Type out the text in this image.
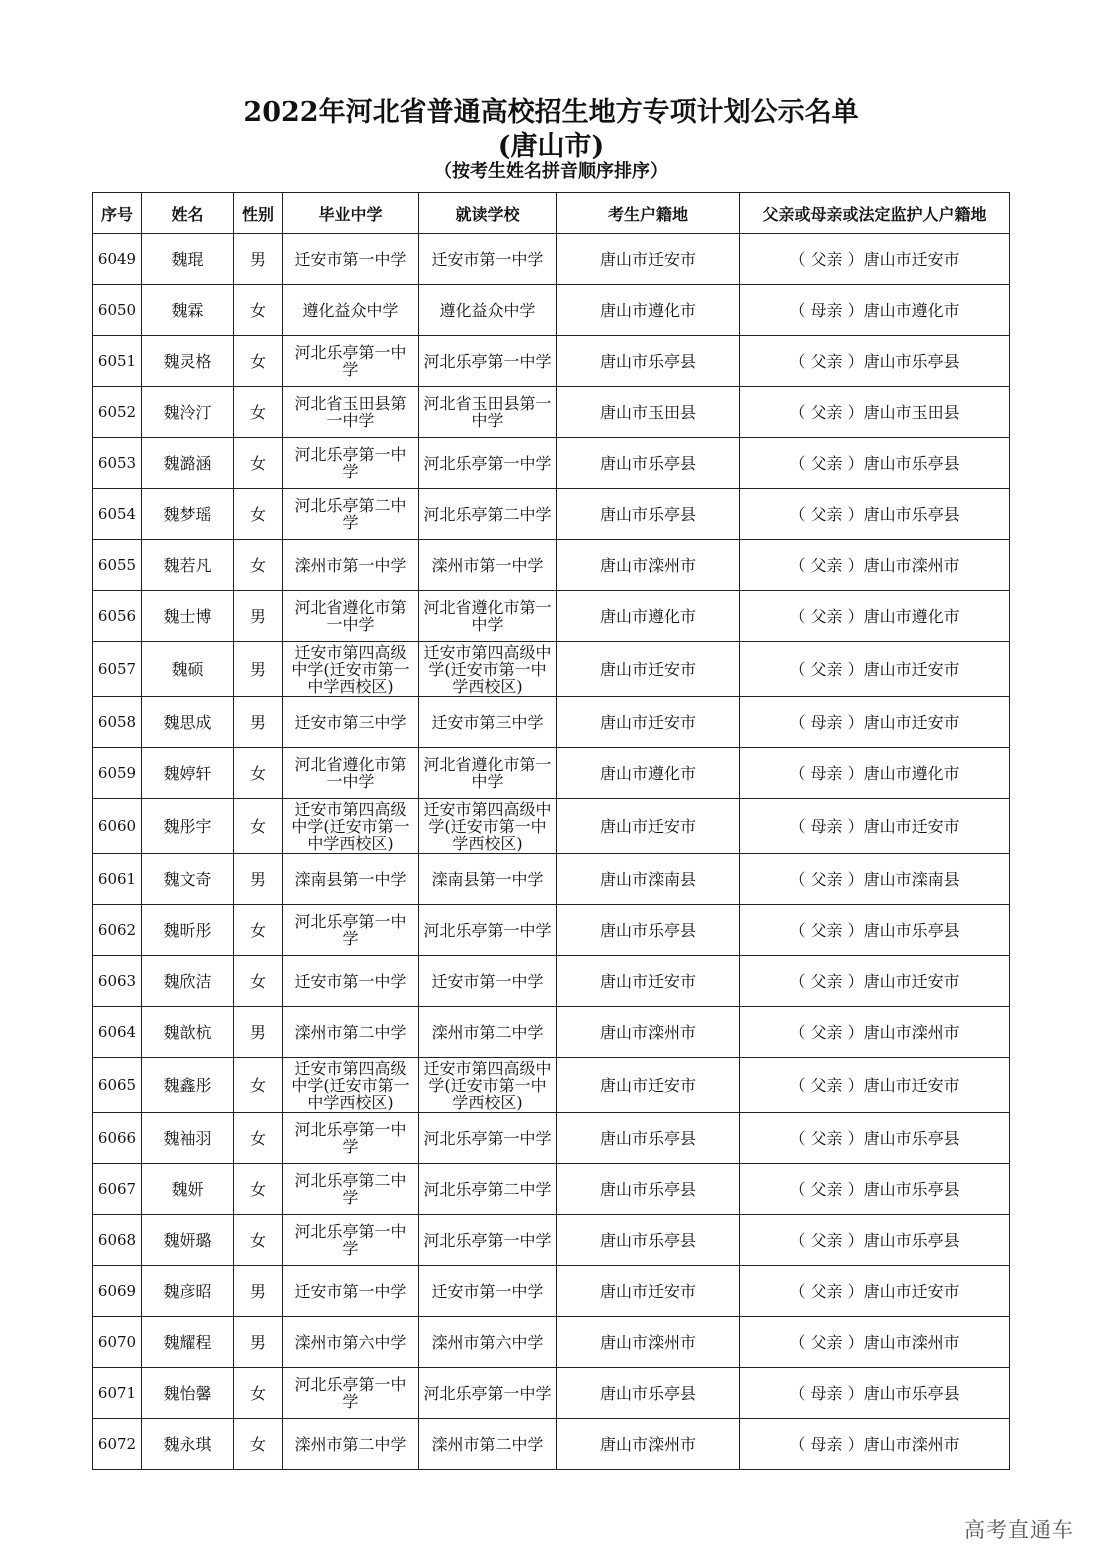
2022年河北省普通高校招生地方专项计划公示名单
(唐山市)
（按考生姓名拼音顺序排序）
序号	姓名	性别	毕业中学	就读学校	考生户籍地	父亲或母亲或法定监护人户籍地
6049	魏琨	男	迁安市第一中学	迁安市第一中学	唐山市迁安市	（ 父亲 ）唐山市迁安市
6050	魏霖	女	遵化益众中学	遵化益众中学	唐山市遵化市	（ 母亲 ）唐山市遵化市
6051	魏灵格	女	河北乐亭第一中学	河北乐亭第一中学	唐山市乐亭县	（ 父亲 ）唐山市乐亭县
6052	魏泠汀	女	河北省玉田县第一中学	河北省玉田县第一中学	唐山市玉田县	（ 父亲 ）唐山市玉田县
6053	魏潞涵	女	河北乐亭第一中学	河北乐亭第一中学	唐山市乐亭县	（ 父亲 ）唐山市乐亭县
6054	魏梦瑶	女	河北乐亭第二中学	河北乐亭第二中学	唐山市乐亭县	（ 父亲 ）唐山市乐亭县
6055	魏若凡	女	滦州市第一中学	滦州市第一中学	唐山市滦州市	（ 父亲 ）唐山市滦州市
6056	魏士博	男	河北省遵化市第一中学	河北省遵化市第一中学	唐山市遵化市	（ 父亲 ）唐山市遵化市
6057	魏硕	男	迁安市第四高级中学(迁安市第一中学西校区)	迁安市第四高级中学(迁安市第一中学西校区)	唐山市迁安市	（ 父亲 ）唐山市迁安市
6058	魏思成	男	迁安市第三中学	迁安市第三中学	唐山市迁安市	（ 母亲 ）唐山市迁安市
6059	魏婷轩	女	河北省遵化市第一中学	河北省遵化市第一中学	唐山市遵化市	（ 母亲 ）唐山市遵化市
6060	魏彤宇	女	迁安市第四高级中学(迁安市第一中学西校区)	迁安市第四高级中学(迁安市第一中学西校区)	唐山市迁安市	（ 母亲 ）唐山市迁安市
6061	魏文奇	男	滦南县第一中学	滦南县第一中学	唐山市滦南县	（ 父亲 ）唐山市滦南县
6062	魏昕彤	女	河北乐亭第一中学	河北乐亭第一中学	唐山市乐亭县	（ 父亲 ）唐山市乐亭县
6063	魏欣洁	女	迁安市第一中学	迁安市第一中学	唐山市迁安市	（ 父亲 ）唐山市迁安市
6064	魏歆杭	男	滦州市第二中学	滦州市第二中学	唐山市滦州市	（ 父亲 ）唐山市滦州市
6065	魏鑫彤	女	迁安市第四高级中学(迁安市第一中学西校区)	迁安市第四高级中学(迁安市第一中学西校区)	唐山市迁安市	（ 父亲 ）唐山市迁安市
6066	魏袖羽	女	河北乐亭第一中学	河北乐亭第一中学	唐山市乐亭县	（ 父亲 ）唐山市乐亭县
6067	魏妍	女	河北乐亭第二中学	河北乐亭第二中学	唐山市乐亭县	（ 父亲 ）唐山市乐亭县
6068	魏妍璐	女	河北乐亭第一中学	河北乐亭第一中学	唐山市乐亭县	（ 父亲 ）唐山市乐亭县
6069	魏彦昭	男	迁安市第一中学	迁安市第一中学	唐山市迁安市	（ 父亲 ）唐山市迁安市
6070	魏耀程	男	滦州市第六中学	滦州市第六中学	唐山市滦州市	（ 父亲 ）唐山市滦州市
6071	魏怡馨	女	河北乐亭第一中学	河北乐亭第一中学	唐山市乐亭县	（ 母亲 ）唐山市乐亭县
6072	魏永琪	女	滦州市第二中学	滦州市第二中学	唐山市滦州市	（ 母亲 ）唐山市滦州市
高考直通车
